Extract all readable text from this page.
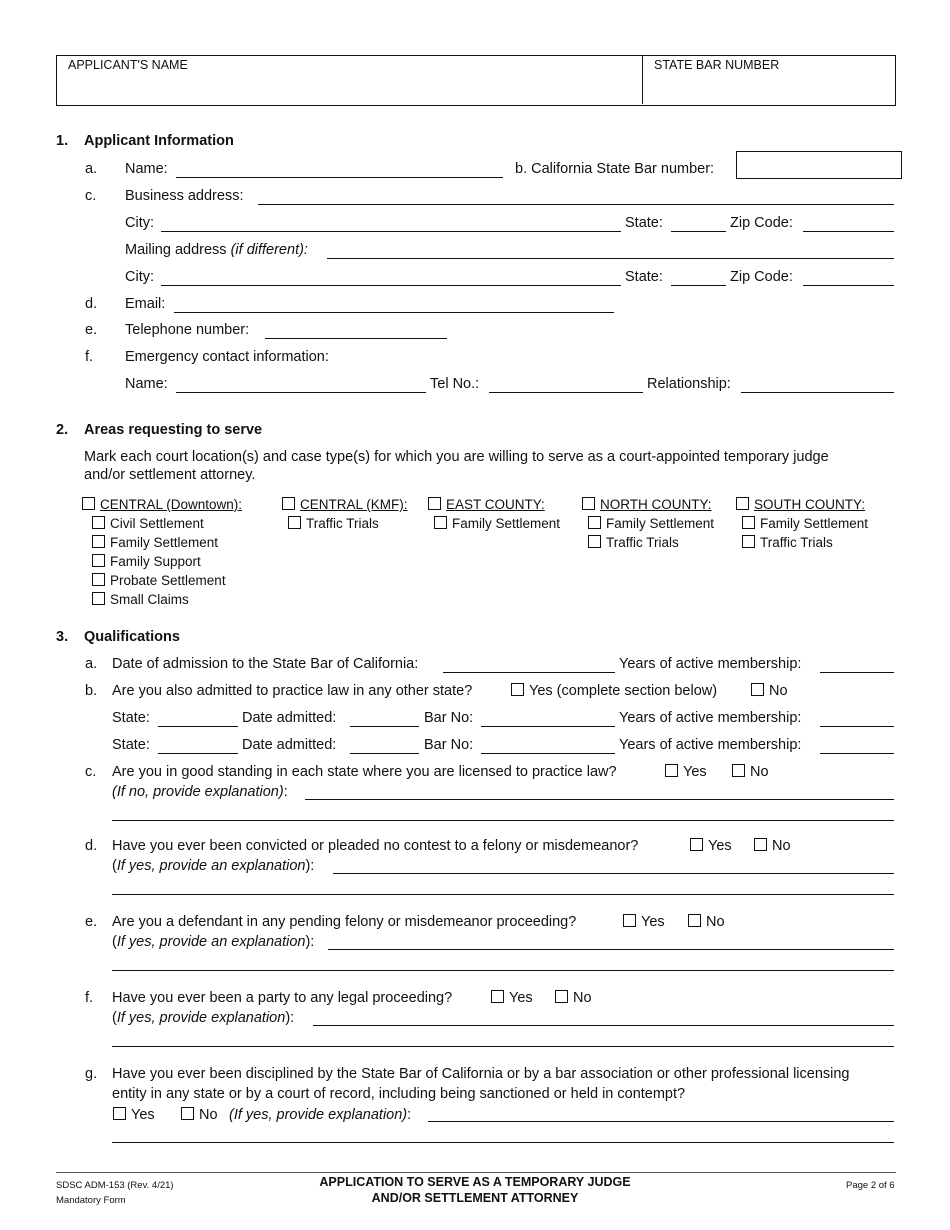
APPLICANT'S NAME	STATE BAR NUMBER
1. Applicant Information
a. Name:	b. California State Bar number:
c. Business address:
City:	State:	Zip Code:
Mailing address (if different):
City:	State:	Zip Code:
d. Email:
e. Telephone number:
f. Emergency contact information:
Name:	Tel No.:	Relationship:
2. Areas requesting to serve
Mark each court location(s) and case type(s) for which you are willing to serve as a court-appointed temporary judge
and/or settlement attorney.
CENTRAL (Downtown):
Civil Settlement
Family Settlement
Family Support
Probate Settlement
Small Claims
CENTRAL (KMF):
Traffic Trials
EAST COUNTY:
Family Settlement
NORTH COUNTY:
Family Settlement
Traffic Trials
SOUTH COUNTY:
Family Settlement
Traffic Trials
3. Qualifications
a. Date of admission to the State Bar of California:	Years of active membership:
b. Are you also admitted to practice law in any other state?	Yes (complete section below)	No
State:	Date admitted:	Bar No:	Years of active membership:
State:	Date admitted:	Bar No:	Years of active membership:
c. Are you in good standing in each state where you are licensed to practice law?	Yes	No
(If no, provide explanation):
d. Have you ever been convicted or pleaded no contest to a felony or misdemeanor?	Yes	No
(If yes, provide an explanation):
e. Are you a defendant in any pending felony or misdemeanor proceeding?	Yes	No
(If yes, provide an explanation):
f. Have you ever been a party to any legal proceeding?	Yes	No
(If yes, provide explanation):
g. Have you ever been disciplined by the State Bar of California or by a bar association or other professional licensing
entity in any state or by a court of record, including being sanctioned or held in contempt?
Yes	No (If yes, provide explanation):
SDSC ADM-153 (Rev. 4/21)
Mandatory Form
APPLICATION TO SERVE AS A TEMPORARY JUDGE
AND/OR SETTLEMENT ATTORNEY
Page 2 of 6
